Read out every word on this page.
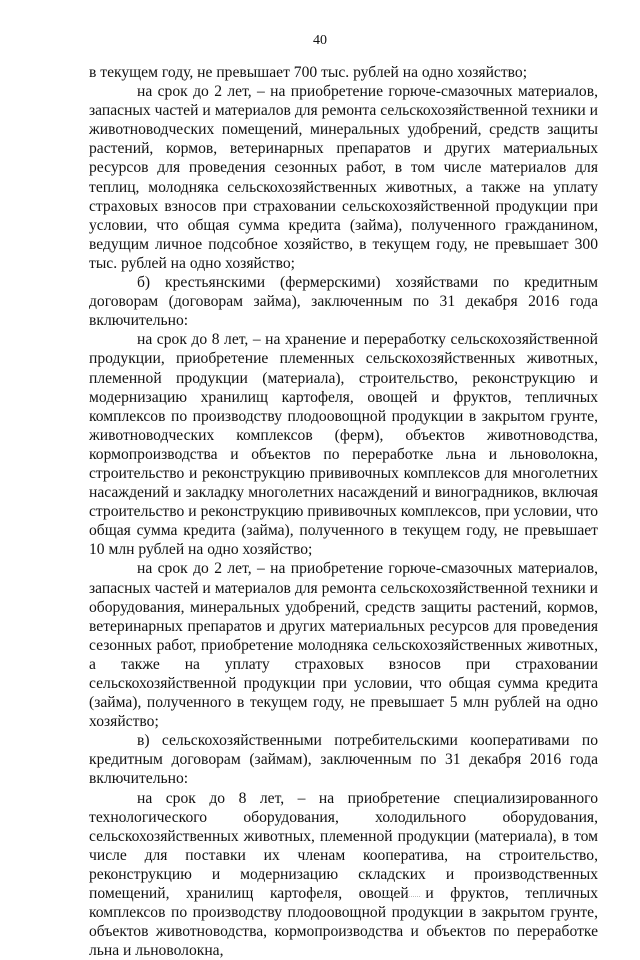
40

в текущем году, не превышает 700 тыс. рублей на одно хозяйство;

на срок до 2 лет, – на приобретение горюче-смазочных материалов, запасных частей и материалов для ремонта сельскохозяйственной техники и животноводческих помещений, минеральных удобрений, средств защиты растений, кормов, ветеринарных препаратов и других материальных ресурсов для проведения сезонных работ, в том числе материалов для теплиц, молодняка сельскохозяйственных животных, а также на уплату страховых взносов при страховании сельскохозяйственной продукции при условии, что общая сумма кредита (займа), полученного гражданином, ведущим личное подсобное хозяйство, в текущем году, не превышает 300 тыс. рублей на одно хозяйство;

б) крестьянскими (фермерскими) хозяйствами по кредитным договорам (договорам займа), заключенным по 31 декабря 2016 года включительно:

на срок до 8 лет, – на хранение и переработку сельскохозяйственной продукции, приобретение племенных сельскохозяйственных животных, племенной продукции (материала), строительство, реконструкцию и модернизацию хранилищ картофеля, овощей и фруктов, тепличных комплексов по производству плодоовощной продукции в закрытом грунте, животноводческих комплексов (ферм), объектов животноводства, кормопроизводства и объектов по переработке льна и льноволокна, строительство и реконструкцию прививочных комплексов для многолетних насаждений и закладку многолетних насаждений и виноградников, включая строительство и реконструкцию прививочных комплексов, при условии, что общая сумма кредита (займа), полученного в текущем году, не превышает 10 млн рублей на одно хозяйство;

на срок до 2 лет, – на приобретение горюче-смазочных материалов, запасных частей и материалов для ремонта сельскохозяйственной техники и оборудования, минеральных удобрений, средств защиты растений, кормов, ветеринарных препаратов и других материальных ресурсов для проведения сезонных работ, приобретение молодняка сельскохозяйственных животных, а также на уплату страховых взносов при страховании сельскохозяйственной продукции при условии, что общая сумма кредита (займа), полученного в текущем году, не превышает 5 млн рублей на одно хозяйство;

в) сельскохозяйственными потребительскими кооперативами по кредитным договорам (займам), заключенным по 31 декабря 2016 года включительно:

на срок до 8 лет, – на приобретение специализированного технологического оборудования, холодильного оборудования, сельскохозяйственных животных, племенной продукции (материала), в том числе для поставки их членам кооператива, на строительство, реконструкцию и модернизацию складских и производственных помещений, хранилищ картофеля, овощей и фруктов, тепличных комплексов по производству плодоовощной продукции в закрытом грунте, объектов животноводства, кормопроизводства и объектов по переработке льна и льноволокна,
